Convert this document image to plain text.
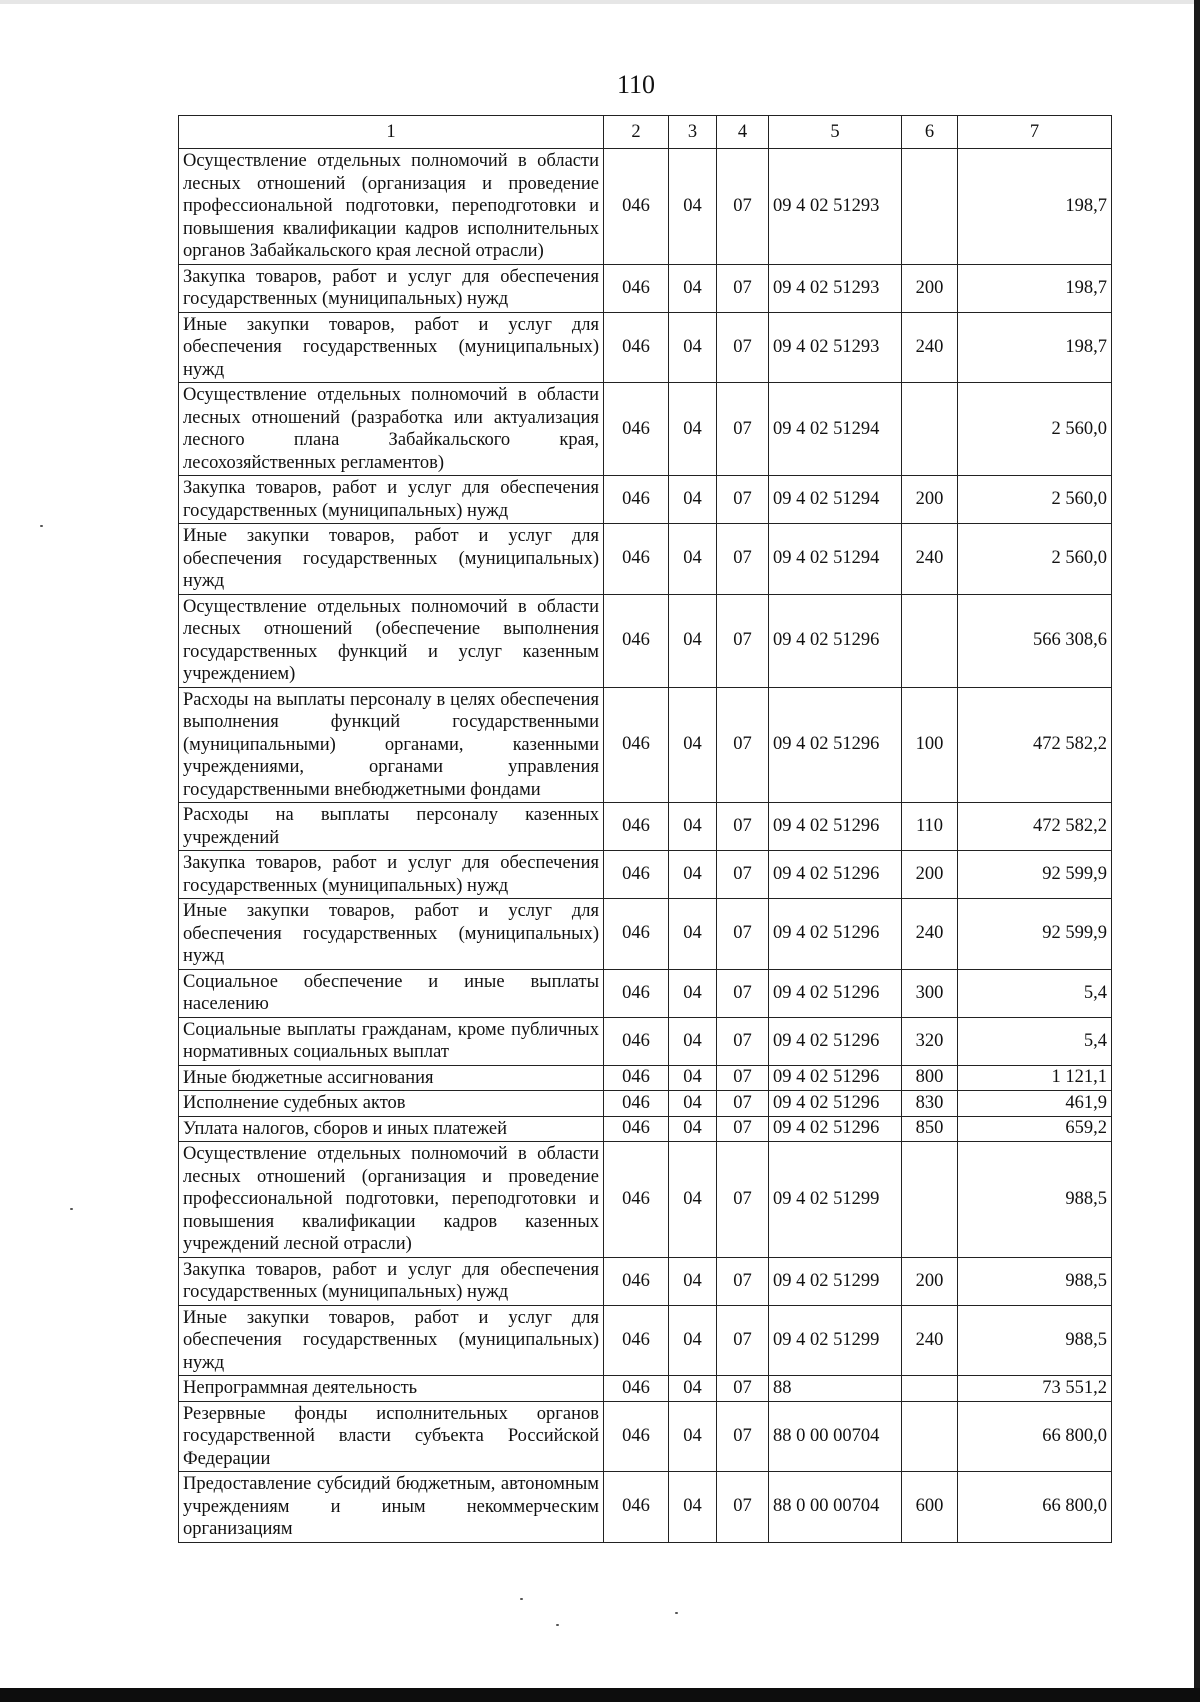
110
1	2	3	4	5	6	7
Осуществление отдельных полномочий в области лесных отношений (организация и проведение профессиональной подготовки, переподготовки и повышения квалификации кадров исполнительных органов Забайкальского края лесной отрасли)	046	04	07	09 4 02 51293		198,7
Закупка товаров, работ и услуг для обеспечения государственных (муниципальных) нужд	046	04	07	09 4 02 51293	200	198,7
Иные закупки товаров, работ и услуг для обеспечения государственных (муниципальных) нужд	046	04	07	09 4 02 51293	240	198,7
Осуществление отдельных полномочий в области лесных отношений (разработка или актуализация лесного плана Забайкальского края, лесохозяйственных регламентов)	046	04	07	09 4 02 51294		2 560,0
Закупка товаров, работ и услуг для обеспечения государственных (муниципальных) нужд	046	04	07	09 4 02 51294	200	2 560,0
Иные закупки товаров, работ и услуг для обеспечения государственных (муниципальных) нужд	046	04	07	09 4 02 51294	240	2 560,0
Осуществление отдельных полномочий в области лесных отношений (обеспечение выполнения государственных функций и услуг казенным учреждением)	046	04	07	09 4 02 51296		566 308,6
Расходы на выплаты персоналу в целях обеспечения выполнения функций государственными (муниципальными) органами, казенными учреждениями, органами управления государственными внебюджетными фондами	046	04	07	09 4 02 51296	100	472 582,2
Расходы на выплаты персоналу казенных учреждений	046	04	07	09 4 02 51296	110	472 582,2
Закупка товаров, работ и услуг для обеспечения государственных (муниципальных) нужд	046	04	07	09 4 02 51296	200	92 599,9
Иные закупки товаров, работ и услуг для обеспечения государственных (муниципальных) нужд	046	04	07	09 4 02 51296	240	92 599,9
Социальное обеспечение и иные выплаты населению	046	04	07	09 4 02 51296	300	5,4
Социальные выплаты гражданам, кроме публичных нормативных социальных выплат	046	04	07	09 4 02 51296	320	5,4
Иные бюджетные ассигнования	046	04	07	09 4 02 51296	800	1 121,1
Исполнение судебных актов	046	04	07	09 4 02 51296	830	461,9
Уплата налогов, сборов и иных платежей	046	04	07	09 4 02 51296	850	659,2
Осуществление отдельных полномочий в области лесных отношений (организация и проведение профессиональной подготовки, переподготовки и повышения квалификации кадров казенных учреждений лесной отрасли)	046	04	07	09 4 02 51299		988,5
Закупка товаров, работ и услуг для обеспечения государственных (муниципальных) нужд	046	04	07	09 4 02 51299	200	988,5
Иные закупки товаров, работ и услуг для обеспечения государственных (муниципальных) нужд	046	04	07	09 4 02 51299	240	988,5
Непрограммная деятельность	046	04	07	88		73 551,2
Резервные фонды исполнительных органов государственной власти субъекта Российской Федерации	046	04	07	88 0 00 00704		66 800,0
Предоставление субсидий бюджетным, автономным учреждениям и иным некоммерческим организациям	046	04	07	88 0 00 00704	600	66 800,0
